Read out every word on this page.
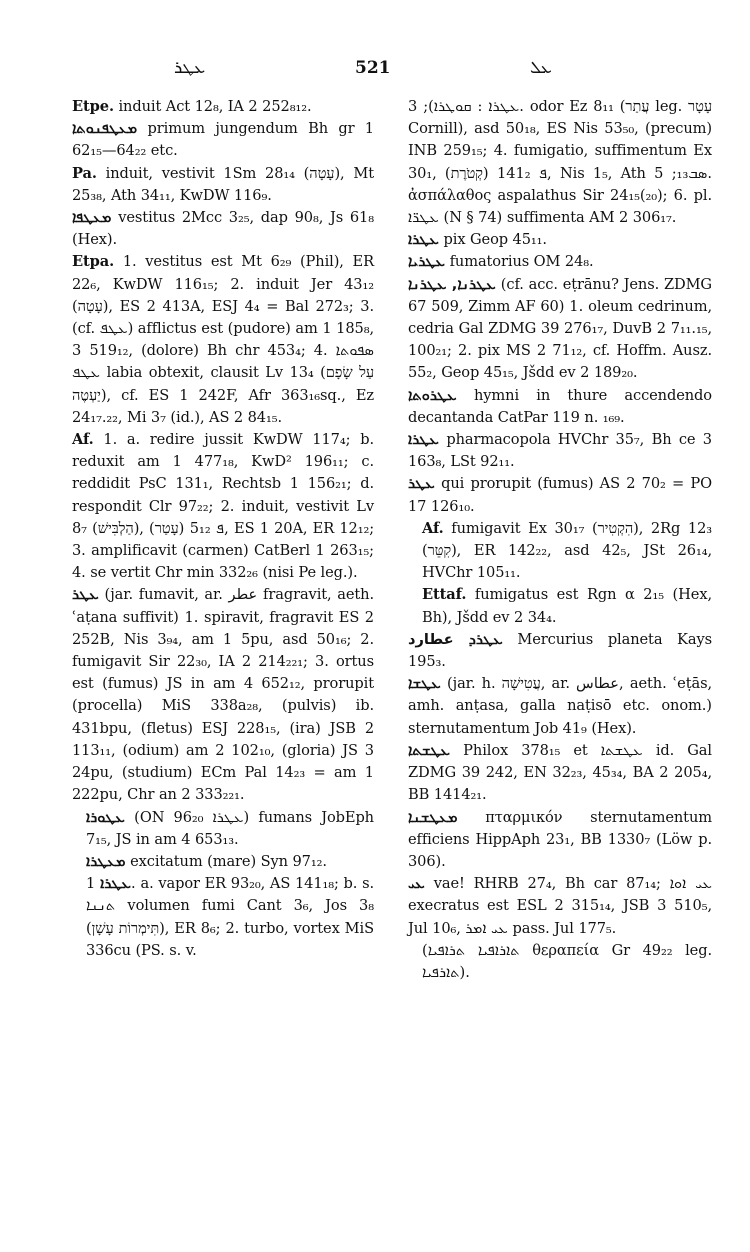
ܥܛܪ	521	ܥܠ

Etpe. induit Act 12₈, IA 2 252₈₁₂.

ܡܥܛܦܢܘܬܐ primum jungendum Bh gr 1 62₁₅—64₂₂ etc.

Pa. induit, vestivit 1Sm 28₁₄ (עָטָה), Mt 25₃₈, Ath 34₁₁, KwDW 116₉.

ܡܥܛܦܐ vestitus 2Mcc 3₂₅, dap 90₈, Js 61₈ (Hex).

Etpa. 1. vestitus est Mt 6₂₉ (Phil), ER 22₆, KwDW 116₁₅; 2. induit Jer 43₁₂ (עָטָה), ES 2 413A, ESJ 4₄ = Bal 272₃; 3. (cf. ܥܛܦ) afflictus est (pudore) am 1 185₈, 3 519₁₂, (dolore) Bh chr 453₄; 4. ܣܦܘܬܐ ܥܛܦ labia obtexit, clausit Lv 13₄ (עַל שָׂפָם יַעְטֶה), cf. ES 1 242F, Afr 363₁₆sq., Ez 24₁₇.₂₂, Mi 3₇ (id.), AS 2 84₁₅.

Af. 1. a. redire jussit KwDW 117₄; b. reduxit am 1 477₁₈, KwD² 196₁₁; c. reddidit PsC 131₁, Rechtsb 1 156₂₁; d. respondit Clr 97₂₂; 2. induit, vestivit Lv 8₇ (הַלְבִּישׁ), ܦ 5₁₂ (עָטַר), ES 1 20A, ER 12₁₂; 3. amplificavit (carmen) CatBerl 1 263₁₅; 4. se vertit Chr min 332₂₆ (nisi Pe leg.).

ܥܛܪ (jar. fumavit, ar. عطر fragravit, aeth. ʿaṭana suffivit) 1. spiravit, fragravit ES 2 252B, Nis 3₉₄, am 1 5pu, asd 50₁₆; 2. fumigavit Sir 22₃₀, IA 2 214₂₂₁; 3. ortus est (fumus) JS in am 4 652₁₂, prorupit (procella) MiS 338a₂₈, (pulvis) ib. 431bpu, (fletus) ESJ 228₁₅, (ira) JSB 2 113₁₁, (odium) am 2 102₁₀, (gloria) JS 3 24pu, (studium) ECm Pal 14₂₃ = am 1 222pu, Chr an 2 333₂₂₁.

ܥܛܘܪܐ (ON 96₂₀ ܥܛܪܐ) fumans JobEph 7₁₅, JS in am 4 653₁₃.

ܡܥܛܪܐ excitatum (mare) Syn 97₁₂.

ܥܛܪܐ 1. a. vapor ER 93₂₀, AS 141₁₈; b. s. ܬܢܢܐ volumen fumi Cant 3₆, Jos 3₈ (תִּימְרוֹת עָשָׁן), ER 8₆; 2. turbo, vortex MiS 336cu (PS. s. v.

ܥܛܪܐ : ܩܘܛܪܐ); 3. odor Ez 8₁₁ (עֲתַר leg. עָטָר Cornill), asd 50₁₈, ES Nis 53₅₀, (precum) INB 259₁₅; 4. fumigatio, suffimentum Ex 30₁, ܦ 141₂ (קְטֹרֶת), Nis 1₅, Ath ܣܒ₁₃; 5. ἀσπάλαθος aspalathus Sir 24₁₅(₂₀); 6. pl. ܥܛܪ̈ܐ (N § 74) suffimenta AM 2 306₁₇.

ܥܛܪܐ pix Geop 45₁₁.

ܥܛܪܝܐ fumatorius OM 24₈.

ܥܛܪܢܐ, ܥܛܪܢܐ (cf. acc. eṭrānu? Jens. ZDMG 67 509, Zimm AF 60) 1. oleum cedrinum, cedria Gal ZDMG 39 276₁₇, DuvB 2 7₁₁.₁₅, 100₂₁; 2. pix MS 2 71₁₂, cf. Hoffm. Ausz. 55₂, Geop 45₁₅, Jšdd ev 2 189₂₀.

ܥܛܪܘܬܐ hymni in thure accendendo decantanda CatPar 119 n. ₁₆₉.

ܥܛܪܐ pharmacopola HVChr 35₇, Bh ce 3 163₈, LSt 92₁₁.

ܥܛܪ qui prorupit (fumus) AS 2 70₂ = PO 17 126₁₀.

Af. fumigavit Ex 30₁₇ (הִקְטִיר), 2Rg 12₃ (קִטֵּר), ER 142₂₂, asd 42₅, JSt 26₁₄, HVChr 105₁₁.

Ettaf. fumigatus est Rgn α 2₁₅ (Hex, Bh), Jšdd ev 2 34₄.

ܥܛܪܕ عطارد Mercurius planeta Kays 195₃.

ܥܛܫܐ (jar. h. עֲטִישָׁה, ar. عطاس, aeth. ʿeṭās, amh. anṭasa, galla naṭisō etc. onom.) sternutamentum Job 41₉ (Hex).

ܥܛܫܬܐ Philox 378₁₅ et ܥܛܫܬܐ id. Gal ZDMG 39 242, EN 32₂₃, 45₃₄, BA 2 205₄, BB 1414₂₁.

ܡܥܛܫܢܐ πταρμικόν sternutamentum efficiens HippAph 23₁, BB 1330₇ (Löw p. 306).

ܥܝ vae! RHRB 27₄, Bh car 87₁₄; ܥܝ ܐܘܐ execratus est ESL 2 315₁₄, JSB 3 510₅, Jul 10₆, ܥܝ ܐܡܪ pass. Jul 177₅.

(ܬܐܪܐܦܝܐ ܬܪܐܦܝܐ θεραπεία Gr 49₂₂ leg. ܬܐܪܦܝܐ).
